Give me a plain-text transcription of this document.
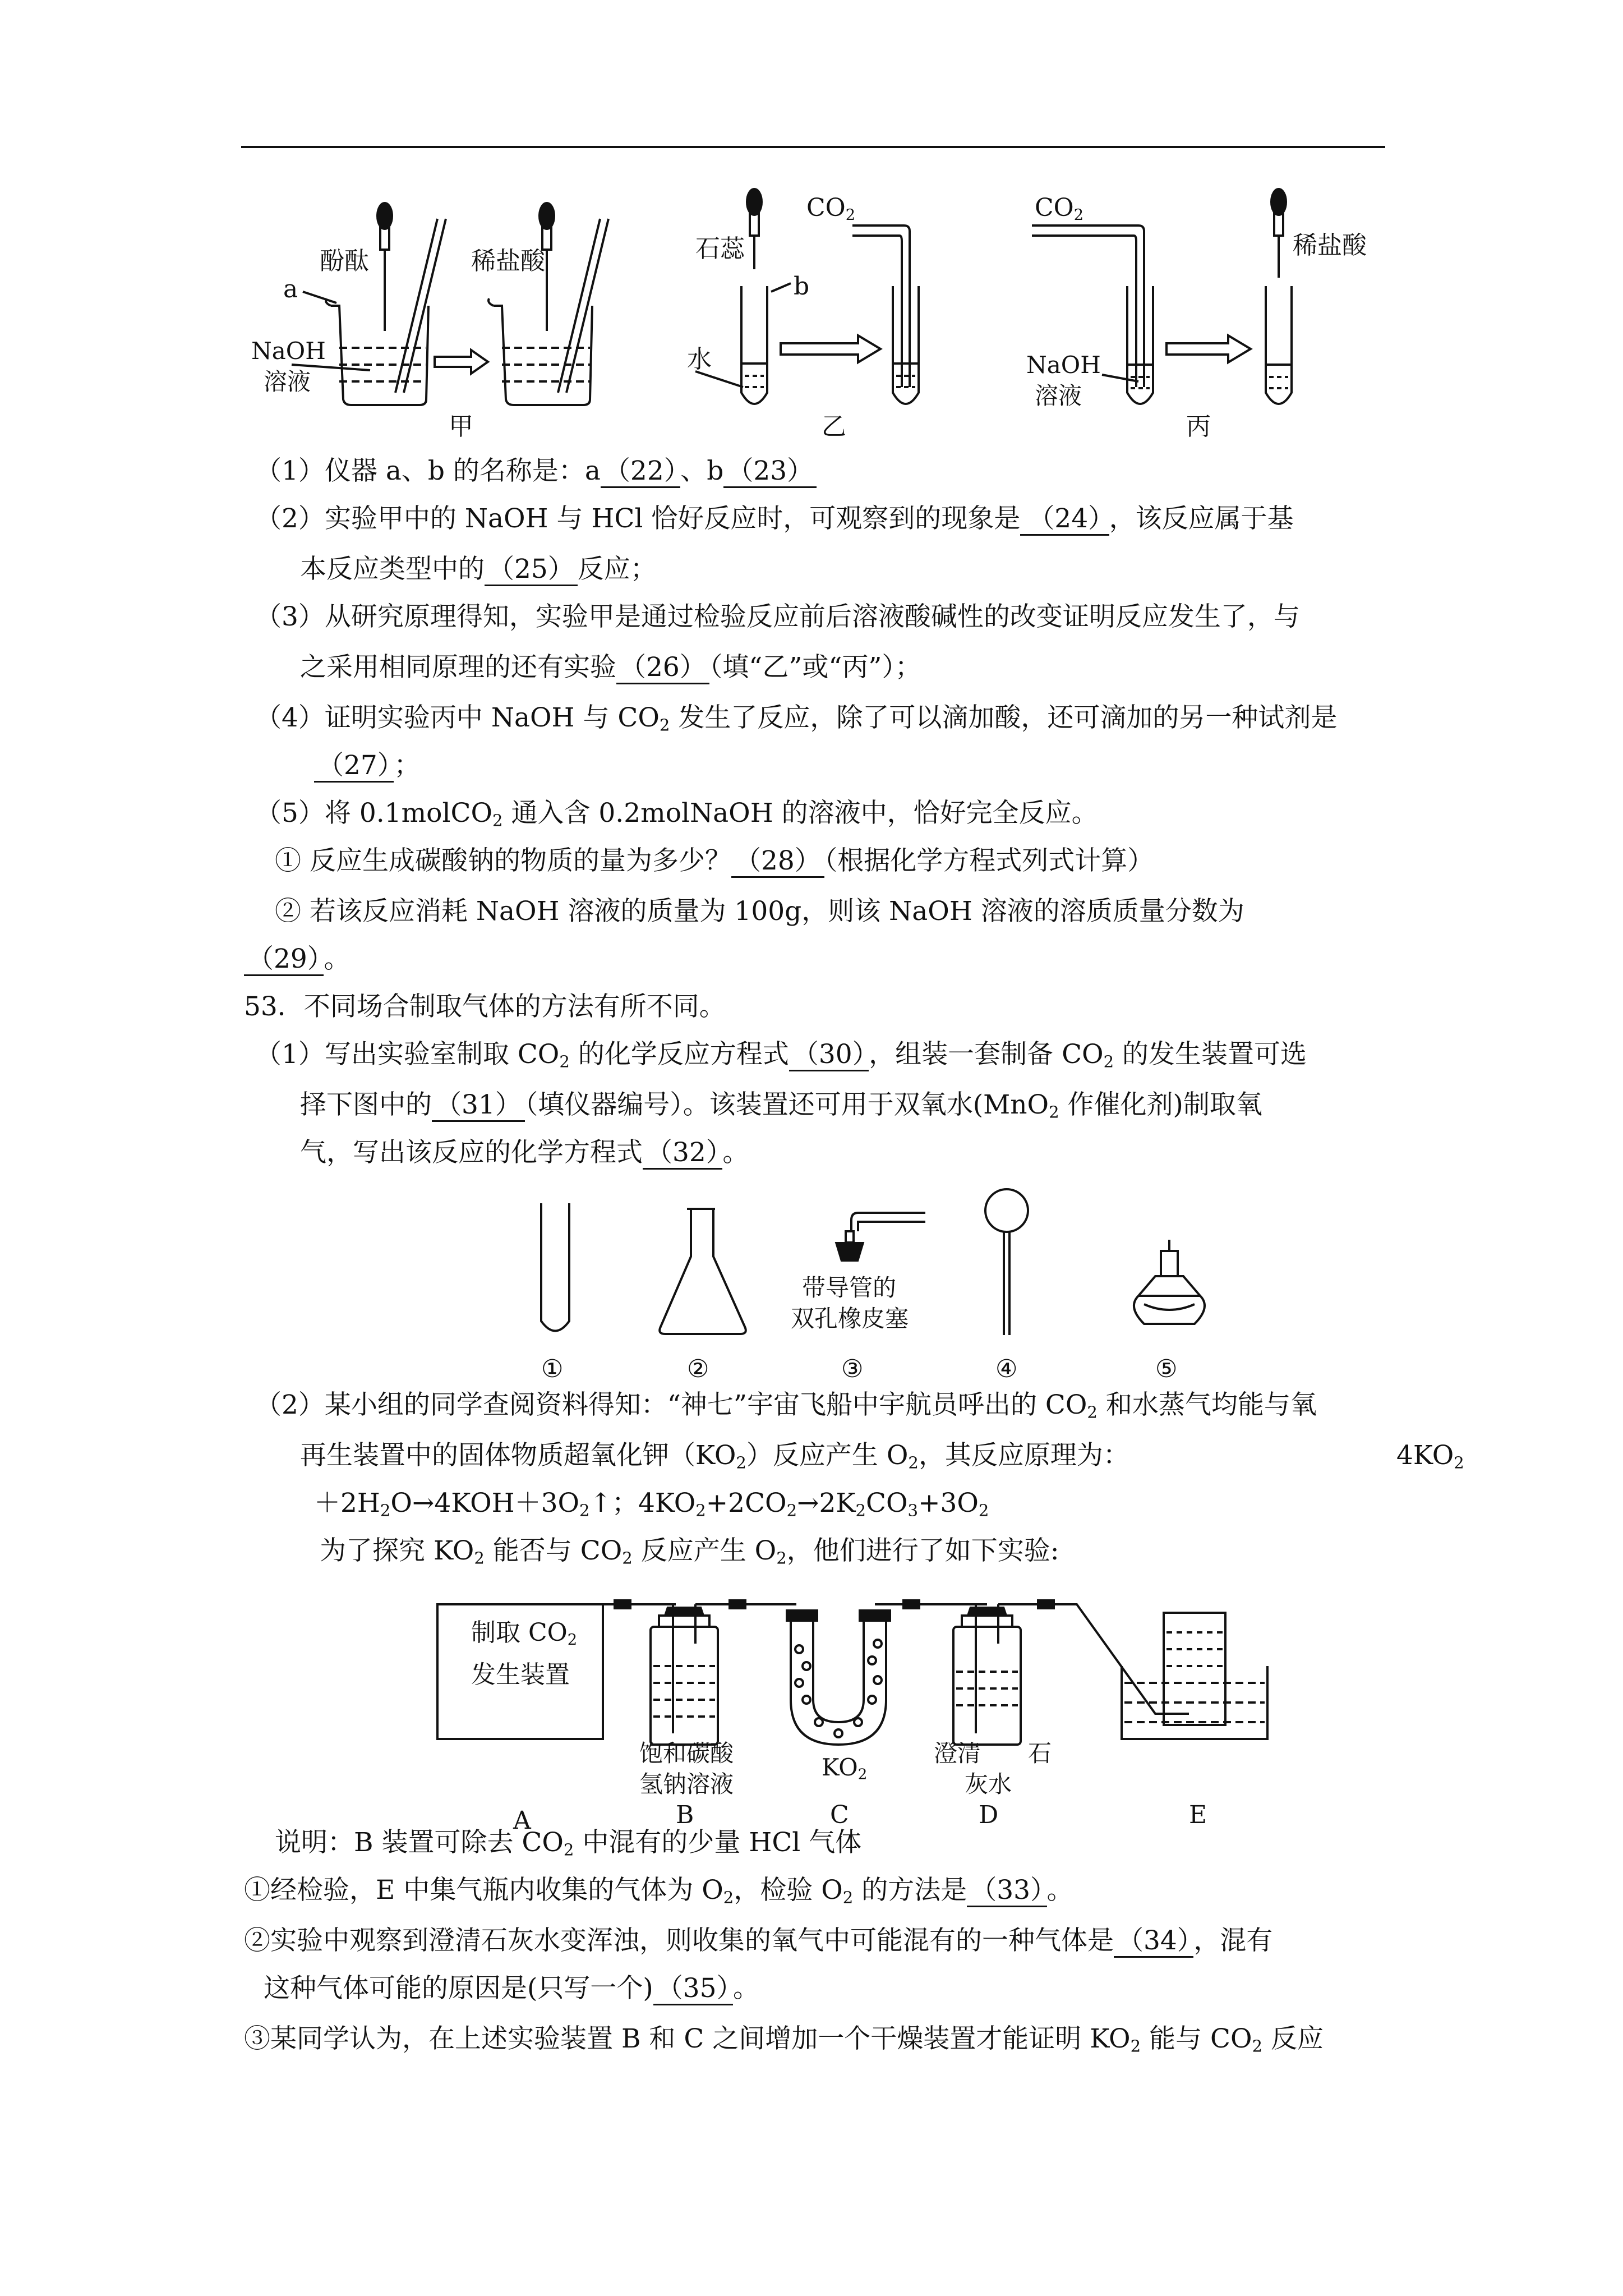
酚酞	稀盐酸
a
NaOH
溶液
甲
石蕊
b
水
$CO_2$
乙
$CO_2$
稀盐酸
NaOH
溶液
丙
（1）仪器 a、b 的名称是：a （22） 、b （23）
（2）实验甲中的 NaOH 与 HCl 恰好反应时，可观察到的现象是 （24） ，该反应属于基
本反应类型中的 （25） 反应；
（3）从研究原理得知，实验甲是通过检验反应前后溶液酸碱性的改变证明反应发生了，与
之采用相同原理的还有实验 （26） （填“乙”或“丙”）；
（4）证明实验丙中 NaOH 与 $CO_2$ 发生了反应，除了可以滴加酸，还可滴加的另一种试剂是
（27） ；
（5）将 0.1molCO$_2$ 通入含 0.2molNaOH 的溶液中，恰好完全反应。
① 反应生成碳酸钠的物质的量为多少？ （28） （根据化学方程式列式计算）
② 若该反应消耗 NaOH 溶液的质量为 100g，则该 NaOH 溶液的溶质质量分数为
（29） 。
53．不同场合制取气体的方法有所不同。
（1）写出实验室制取 $CO_2$ 的化学反应方程式 （30） ，组装一套制备 $CO_2$ 的发生装置可选
择下图中的 （31） （填仪器编号）。该装置还可用于双氧水(MnO$_2$ 作催化剂)制取氧
气，写出该反应的化学方程式 （32） 。
带导管的
双孔橡皮塞
①	②	③	④	⑤
（2）某小组的同学查阅资料得知：“神七”宇宙飞船中宇航员呼出的 $CO_2$ 和水蒸气均能与氧
再生装置中的固体物质超氧化钾$(KO_2)$反应产生 $O_2$，其反应原理为：	$4KO_2$
$+2H_2O\to 4KOH+3O_2↑$；$4KO_2+2CO_2\to 2K_2CO_3+3O_2$
为了探究 $KO_2$ 能否与 $CO_2$ 反应产生 $O_2$，他们进行了如下实验:
制取 $CO_2$
发生装置
饱和碳酸
氢钠溶液
$KO_2$
澄清　　石
灰水
A	B	C	D	E
说明：B 装置可除去 $CO_2$ 中混有的少量 HCl 气体
①经检验，E 中集气瓶内收集的气体为 $O_2$，检验 $O_2$ 的方法是 （33） 。
②实验中观察到澄清石灰水变浑浊，则收集的氧气中可能混有的一种气体是 （34） ，混有
这种气体可能的原因是(只写一个) （35） 。
③某同学认为，在上述实验装置 B 和 C 之间增加一个干燥装置才能证明 $KO_2$ 能与 $CO_2$ 反应
